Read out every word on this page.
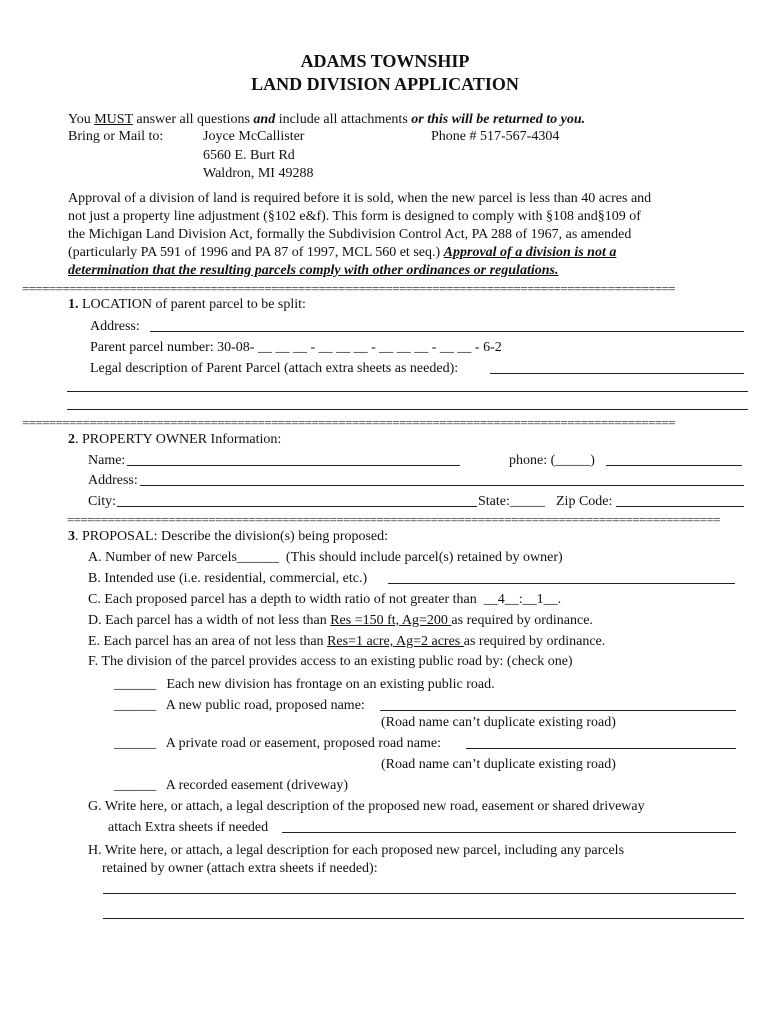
ADAMS TOWNSHIP
LAND DIVISION APPLICATION
You MUST answer all questions and include all attachments or this will be returned to you.
Bring or Mail to:	Joyce McCallister	Phone # 517-567-4304
6560 E. Burt Rd
Waldron, MI 49288
Approval of a division of land is required before it is sold, when the new parcel is less than 40 acres and
not just a property line adjustment (§102 e&f). This form is designed to comply with §108 and§109 of
the Michigan Land Division Act, formally the Subdivision Control Act, PA 288 of 1967, as amended
(particularly PA 591 of 1996 and PA 87 of 1997, MCL 560 et seq.) Approval of a division is not a
determination that the resulting parcels comply with other ordinances or regulations.
=================================================================================================
1. LOCATION of parent parcel to be split:
Address:
Parent parcel number: 30-08- __ __ __ - __ __ __ - __ __ __ - __ __ - 6-2
Legal description of Parent Parcel (attach extra sheets as needed):
=================================================================================================
2. PROPERTY OWNER Information:
Name:	phone: (_____)
Address:
City:	State:_____ Zip Code:
=================================================================================================
3. PROPOSAL: Describe the division(s) being proposed:
A. Number of new Parcels______ (This should include parcel(s) retained by owner)
B. Intended use (i.e. residential, commercial, etc.)
C. Each proposed parcel has a depth to width ratio of not greater than __4__:__1__.
D. Each parcel has a width of not less than Res =150 ft, Ag=200 as required by ordinance.
E. Each parcel has an area of not less than Res=1 acre, Ag=2 acres as required by ordinance.
F. The division of the parcel provides access to an existing public road by: (check one)
______ Each new division has frontage on an existing public road.
______ A new public road, proposed name:
(Road name can’t duplicate existing road)
______ A private road or easement, proposed road name:
(Road name can’t duplicate existing road)
______ A recorded easement (driveway)
G. Write here, or attach, a legal description of the proposed new road, easement or shared driveway
attach Extra sheets if needed
H. Write here, or attach, a legal description for each proposed new parcel, including any parcels
retained by owner (attach extra sheets if needed):
